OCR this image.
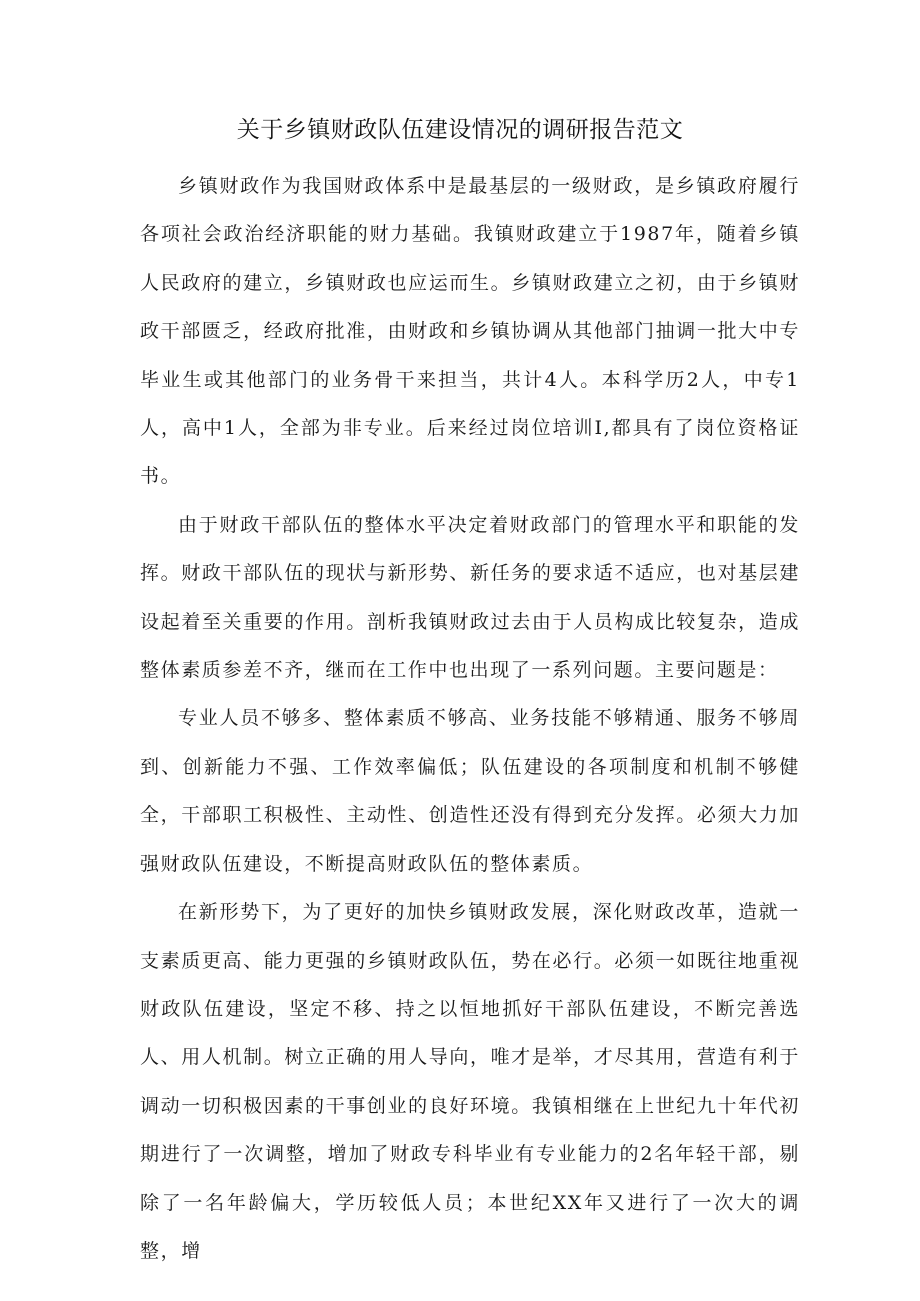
关于乡镇财政队伍建设情况的调研报告范文

乡镇财政作为我国财政体系中是最基层的一级财政，是乡镇政府履行各项社会政治经济职能的财力基础。我镇财政建立于1987年，随着乡镇人民政府的建立，乡镇财政也应运而生。乡镇财政建立之初，由于乡镇财政干部匮乏，经政府批准，由财政和乡镇协调从其他部门抽调一批大中专毕业生或其他部门的业务骨干来担当，共计4人。本科学历2人，中专1人，高中1人，全部为非专业。后来经过岗位培训I,都具有了岗位资格证书。

由于财政干部队伍的整体水平决定着财政部门的管理水平和职能的发挥。财政干部队伍的现状与新形势、新任务的要求适不适应，也对基层建设起着至关重要的作用。剖析我镇财政过去由于人员构成比较复杂，造成整体素质参差不齐，继而在工作中也出现了一系列问题。主要问题是：

专业人员不够多、整体素质不够高、业务技能不够精通、服务不够周到、创新能力不强、工作效率偏低；队伍建设的各项制度和机制不够健全，干部职工积极性、主动性、创造性还没有得到充分发挥。必须大力加强财政队伍建设，不断提高财政队伍的整体素质。

在新形势下，为了更好的加快乡镇财政发展，深化财政改革，造就一支素质更高、能力更强的乡镇财政队伍，势在必行。必须一如既往地重视财政队伍建设，坚定不移、持之以恒地抓好干部队伍建设，不断完善选人、用人机制。树立正确的用人导向，唯才是举，才尽其用，营造有利于调动一切积极因素的干事创业的良好环境。我镇相继在上世纪九十年代初期进行了一次调整，增加了财政专科毕业有专业能力的2名年轻干部，剔除了一名年龄偏大，学历较低人员；本世纪XX年又进行了一次大的调整，增
